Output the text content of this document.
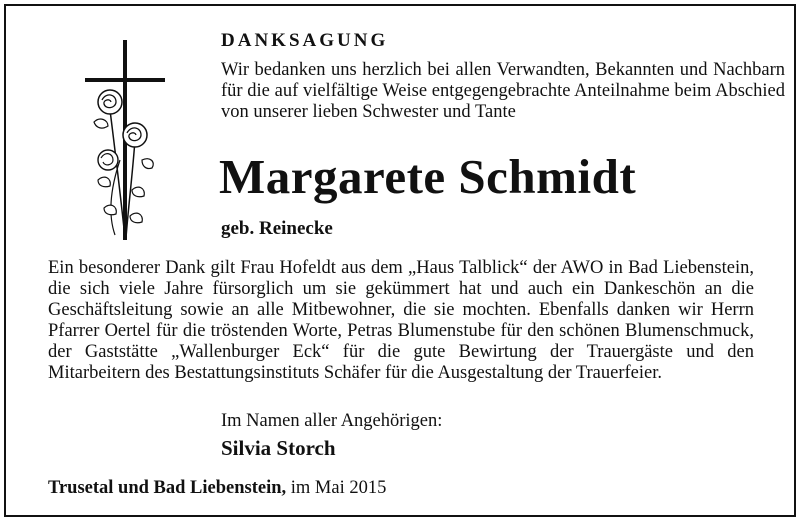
DANKSAGUNG
Wir bedanken uns herzlich bei allen Verwandten, Bekannten und Nachbarn für die auf vielfältige Weise entgegengebrachte Anteilnahme beim Abschied von unserer lieben Schwester und Tante
Margarete Schmidt
geb. Reinecke
Ein besonderer Dank gilt Frau Hofeldt aus dem „Haus Talblick“ der AWO in Bad Liebenstein, die sich viele Jahre fürsorglich um sie gekümmert hat und auch ein Dankeschön an die Geschäftsleitung sowie an alle Mitbewohner, die sie mochten. Ebenfalls danken wir Herrn Pfarrer Oertel für die tröstenden Worte, Petras Blumenstube für den schönen Blumenschmuck, der Gaststätte „Wallenburger Eck“ für die gute Bewirtung der Trauergäste und den Mitarbeitern des Bestattungsinstituts Schäfer für die Ausgestaltung der Trauerfeier.
Im Namen aller Angehörigen:
Silvia Storch
Trusetal und Bad Liebenstein, im Mai 2015
